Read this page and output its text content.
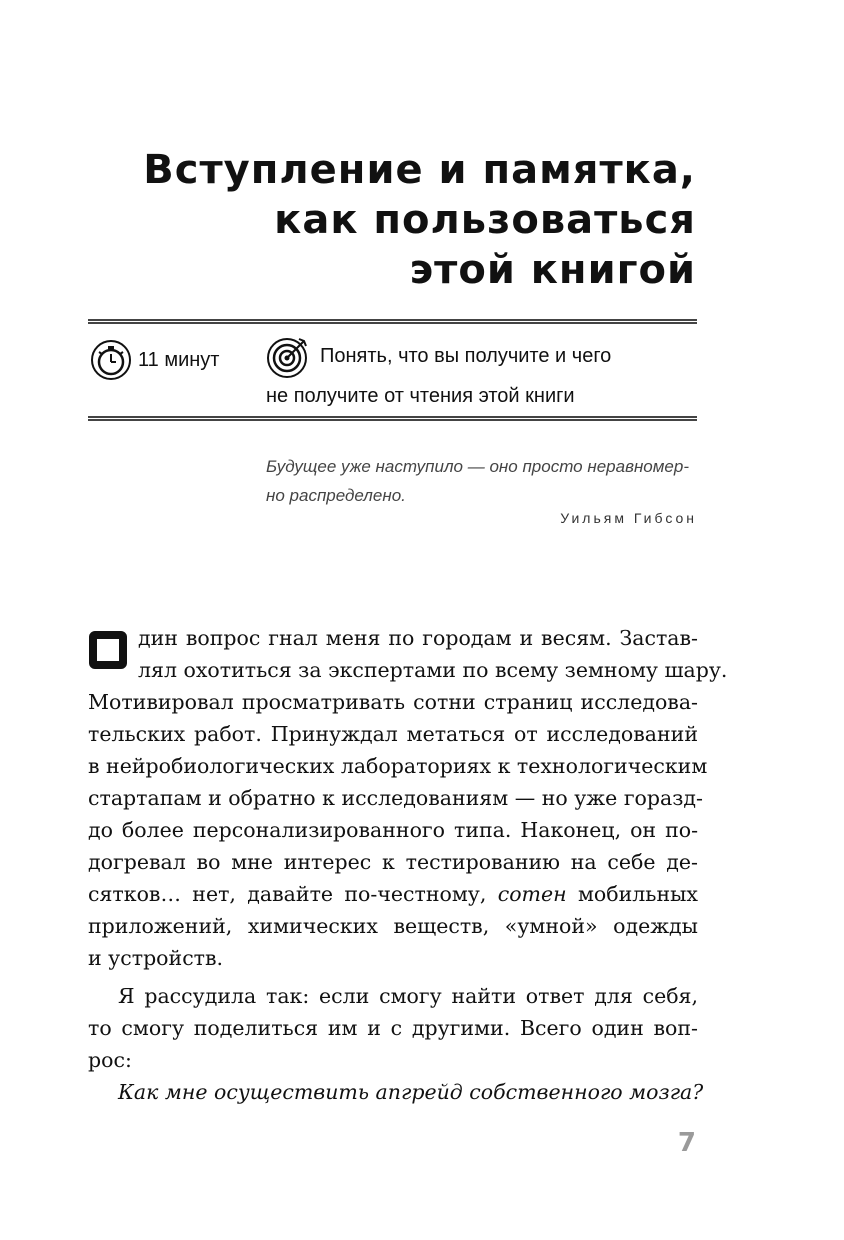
Вступление и памятка,
как пользоваться
этой книгой
11 минут	Понять, что вы получите и чего
не получите от чтения этой книги
Будущее уже наступило — оно просто неравномер-
но распределено.
Уильям Гибсон
дин вопрос гнал меня по городам и весям. Застав-
лял охотиться за экспертами по всему земному шару.
Мотивировал просматривать сотни страниц исследова-
тельских работ. Принуждал метаться от исследований
в нейробиологических лабораториях к технологическим
стартапам и обратно к исследованиям — но уже горазд-
до более персонализированного типа. Наконец, он по-
догревал во мне интерес к тестированию на себе де-
сятков… нет, давайте по-честному, сотен мобильных
приложений, химических веществ, «умной» одежды
и устройств.
Я рассудила так: если смогу найти ответ для себя,
то смогу поделиться им и с другими. Всего один воп-
рос:
Как мне осуществить апгрейд собственного мозга?
7
